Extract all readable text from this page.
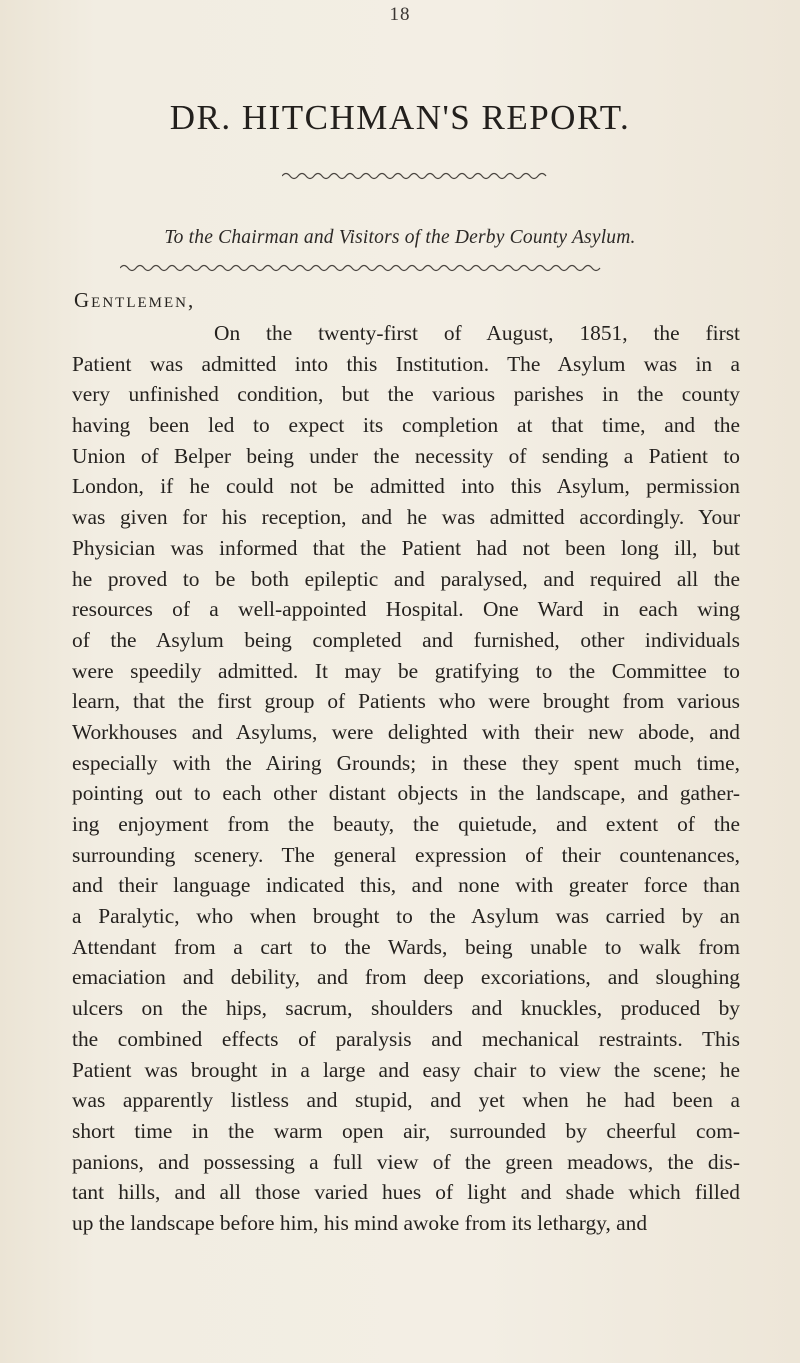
18
DR. HITCHMAN'S REPORT.
To the Chairman and Visitors of the Derby County Asylum.
Gentlemen,
On the twenty-first of August, 1851, the first
Patient was admitted into this Institution. The Asylum was in a
very unfinished condition, but the various parishes in the county
having been led to expect its completion at that time, and the
Union of Belper being under the necessity of sending a Patient to
London, if he could not be admitted into this Asylum, permission
was given for his reception, and he was admitted accordingly. Your
Physician was informed that the Patient had not been long ill, but
he proved to be both epileptic and paralysed, and required all the
resources of a well-appointed Hospital. One Ward in each wing
of the Asylum being completed and furnished, other individuals
were speedily admitted. It may be gratifying to the Committee to
learn, that the first group of Patients who were brought from various
Workhouses and Asylums, were delighted with their new abode, and
especially with the Airing Grounds; in these they spent much time,
pointing out to each other distant objects in the landscape, and gather-
ing enjoyment from the beauty, the quietude, and extent of the
surrounding scenery. The general expression of their countenances,
and their language indicated this, and none with greater force than
a Paralytic, who when brought to the Asylum was carried by an
Attendant from a cart to the Wards, being unable to walk from
emaciation and debility, and from deep excoriations, and sloughing
ulcers on the hips, sacrum, shoulders and knuckles, produced by
the combined effects of paralysis and mechanical restraints. This
Patient was brought in a large and easy chair to view the scene; he
was apparently listless and stupid, and yet when he had been a
short time in the warm open air, surrounded by cheerful com-
panions, and possessing a full view of the green meadows, the dis-
tant hills, and all those varied hues of light and shade which filled
up the landscape before him, his mind awoke from its lethargy, and
